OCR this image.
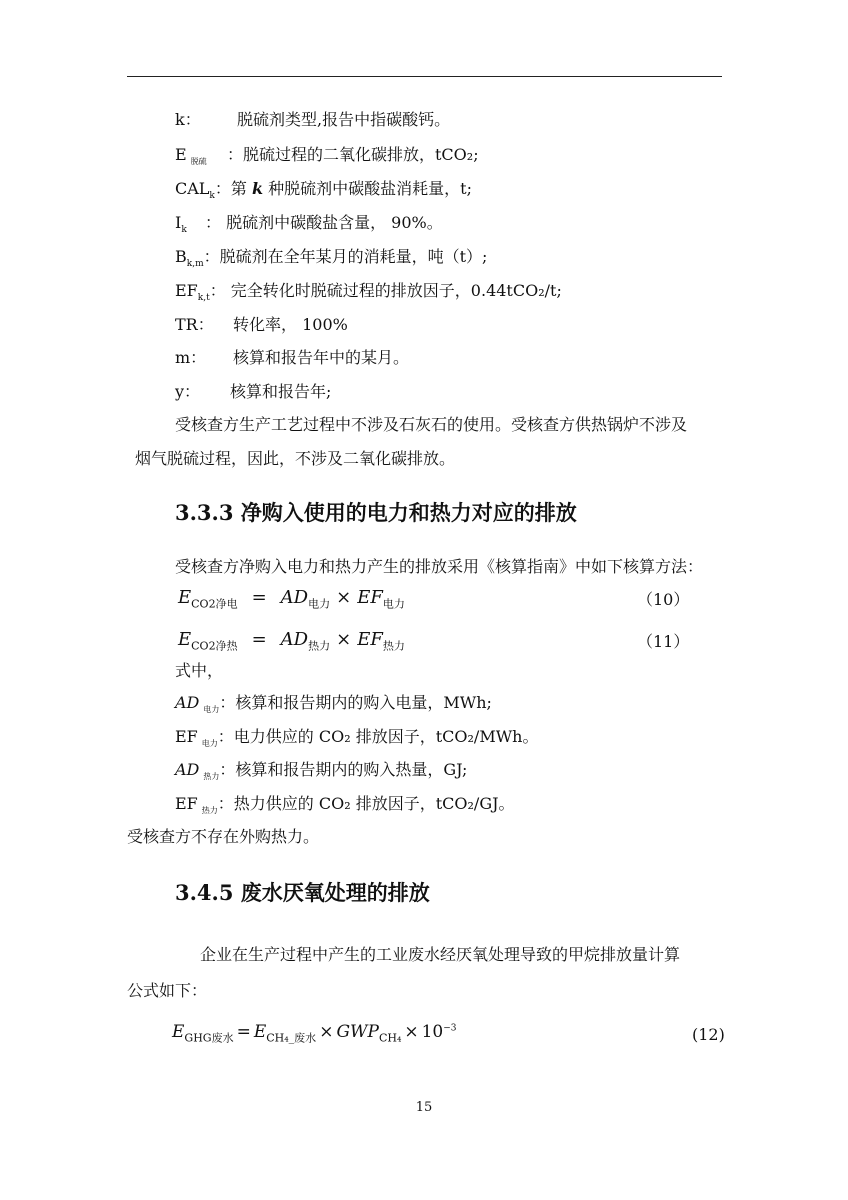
k： 脱硫剂类型,报告中指碳酸钙。
E $_{脱硫}$ ：脱硫过程的二氧化碳排放，tCO₂;
$CAL_k$：第 k 种脱硫剂中碳酸盐消耗量，t;
$I_k$ ： 脱硫剂中碳酸盐含量， 90%。
$B_{k,m}$：脱硫剂在全年某月的消耗量，吨（t）;
$EF_{k,t}$： 完全转化时脱硫过程的排放因子，0.44tCO₂/t;
TR： 转化率， 100%
m： 核算和报告年中的某月。
y： 核算和报告年;
受核查方生产工艺过程中不涉及石灰石的使用。受核查方供热锅炉不涉及
烟气脱硫过程，因此，不涉及二氧化碳排放。
3.3.3 净购入使用的电力和热力对应的排放
受核查方净购入电力和热力产生的排放采用《核算指南》中如下核算方法：
$E_{CO2净电} = AD_{电力} \times EF_{电力}$	（10）
$E_{CO2净热} = AD_{热力} \times EF_{热力}$	（11）
式中，
AD $_{电力}$：核算和报告期内的购入电量，MWh;
EF $_{电力}$：电力供应的 CO₂ 排放因子，tCO₂/MWh。
AD $_{热力}$：核算和报告期内的购入热量，GJ;
EF $_{热力}$：热力供应的 CO₂ 排放因子，tCO₂/GJ。
受核查方不存在外购热力。
3.4.5 废水厌氧处理的排放
企业在生产过程中产生的工业废水经厌氧处理导致的甲烷排放量计算
公式如下：
$E_{GHG废水} = E_{CH_4\_废水} \times GWP_{CH_4} \times 10^{-3}$	(12)
15
